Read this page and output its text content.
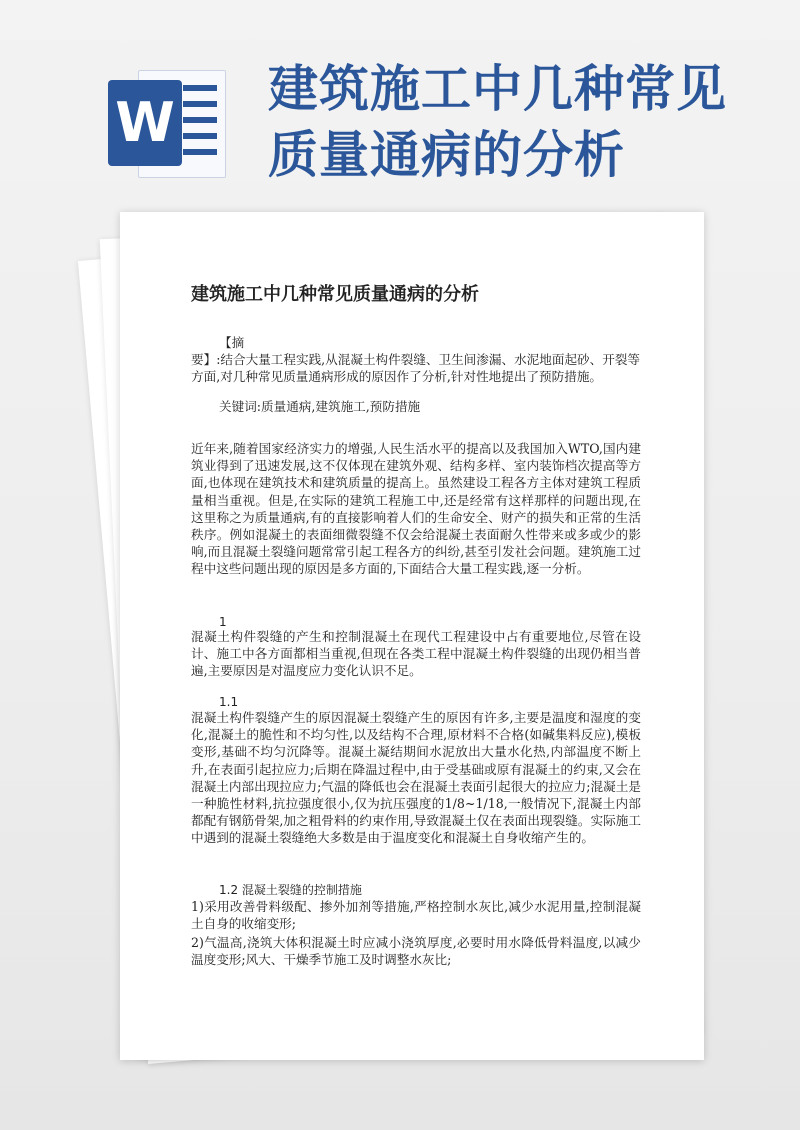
W
建筑施工中几种常见质量通病的分析
建筑施工中几种常见质量通病的分析
【摘
要】:结合大量工程实践,从混凝土构件裂缝、卫生间渗漏、水泥地面起砂、开裂等方面,对几种常见质量通病形成的原因作了分析,针对性地提出了预防措施。
关键词:质量通病,建筑施工,预防措施
近年来,随着国家经济实力的增强,人民生活水平的提高以及我国加入WTO,国内建筑业得到了迅速发展,这不仅体现在建筑外观、结构多样、室内装饰档次提高等方面,也体现在建筑技术和建筑质量的提高上。虽然建设工程各方主体对建筑工程质量相当重视。但是,在实际的建筑工程施工中,还是经常有这样那样的问题出现,在这里称之为质量通病,有的直接影响着人们的生命安全、财产的损失和正常的生活秩序。例如混凝土的表面细微裂缝不仅会给混凝土表面耐久性带来或多或少的影响,而且混凝土裂缝问题常常引起工程各方的纠纷,甚至引发社会问题。建筑施工过程中这些问题出现的原因是多方面的,下面结合大量工程实践,逐一分析。
1
混凝土构件裂缝的产生和控制混凝土在现代工程建设中占有重要地位,尽管在设计、施工中各方面都相当重视,但现在各类工程中混凝土构件裂缝的出现仍相当普遍,主要原因是对温度应力变化认识不足。
1.1
混凝土构件裂缝产生的原因混凝土裂缝产生的原因有许多,主要是温度和湿度的变化,混凝土的脆性和不均匀性,以及结构不合理,原材料不合格(如碱集料反应),模板变形,基础不均匀沉降等。混凝土凝结期间水泥放出大量水化热,内部温度不断上升,在表面引起拉应力;后期在降温过程中,由于受基础或原有混凝土的约束,又会在混凝土内部出现拉应力;气温的降低也会在混凝土表面引起很大的拉应力;混凝土是一种脆性材料,抗拉强度很小,仅为抗压强度的1/8~1/18,一般情况下,混凝土内部都配有钢筋骨架,加之粗骨料的约束作用,导致混凝土仅在表面出现裂缝。实际施工中遇到的混凝土裂缝绝大多数是由于温度变化和混凝土自身收缩产生的。
1.2 混凝土裂缝的控制措施
1)采用改善骨料级配、掺外加剂等措施,严格控制水灰比,减少水泥用量,控制混凝土自身的收缩变形;
2)气温高,浇筑大体积混凝土时应减小浇筑厚度,必要时用水降低骨料温度,以减少温度变形;风大、干燥季节施工及时调整水灰比;
